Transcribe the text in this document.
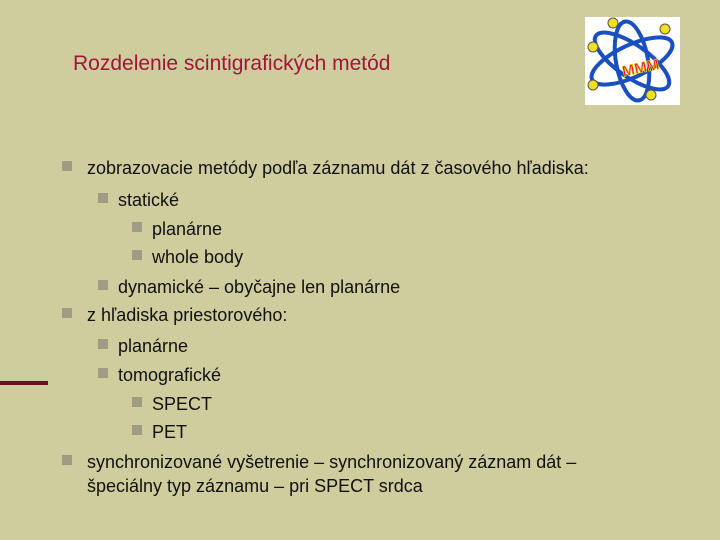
Rozdelenie scintigrafických metód	MMM
zobrazovacie metódy podľa záznamu dát z časového hľadiska:
statické
planárne
whole body
dynamické – obyčajne len planárne
z hľadiska priestorového:
planárne
tomografické
SPECT
PET
synchronizované vyšetrenie – synchronizovaný záznam dát –
špeciálny typ záznamu – pri SPECT srdca
